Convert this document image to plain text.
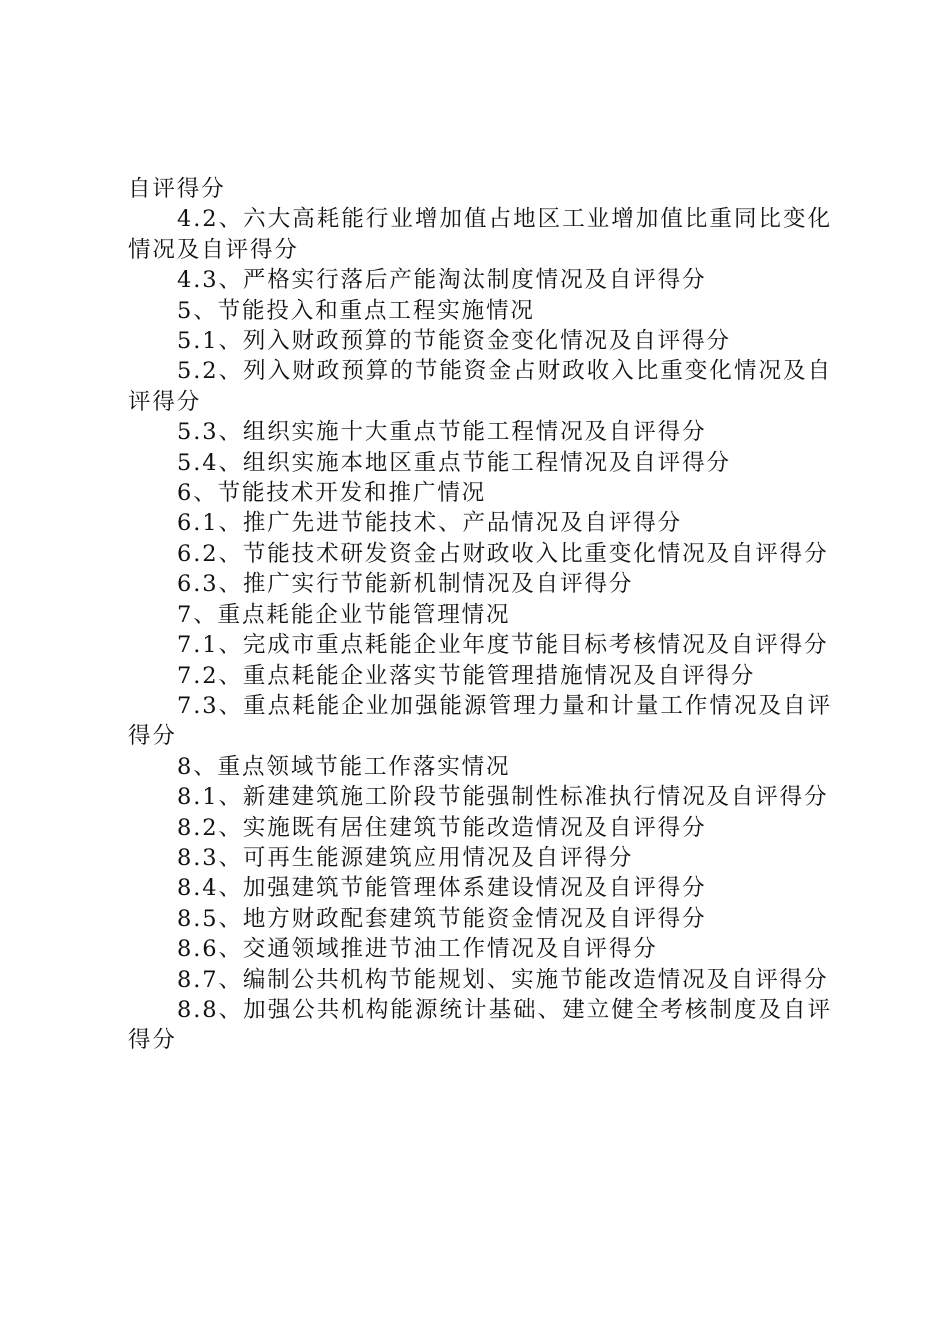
自评得分

4.2、六大高耗能行业增加值占地区工业增加值比重同比变化情况及自评得分

4.3、严格实行落后产能淘汰制度情况及自评得分

5、节能投入和重点工程实施情况

5.1、列入财政预算的节能资金变化情况及自评得分

5.2、列入财政预算的节能资金占财政收入比重变化情况及自评得分

5.3、组织实施十大重点节能工程情况及自评得分

5.4、组织实施本地区重点节能工程情况及自评得分

6、节能技术开发和推广情况

6.1、推广先进节能技术、产品情况及自评得分

6.2、节能技术研发资金占财政收入比重变化情况及自评得分

6.3、推广实行节能新机制情况及自评得分

7、重点耗能企业节能管理情况

7.1、完成市重点耗能企业年度节能目标考核情况及自评得分

7.2、重点耗能企业落实节能管理措施情况及自评得分

7.3、重点耗能企业加强能源管理力量和计量工作情况及自评得分

8、重点领域节能工作落实情况

8.1、新建建筑施工阶段节能强制性标准执行情况及自评得分

8.2、实施既有居住建筑节能改造情况及自评得分

8.3、可再生能源建筑应用情况及自评得分

8.4、加强建筑节能管理体系建设情况及自评得分

8.5、地方财政配套建筑节能资金情况及自评得分

8.6、交通领域推进节油工作情况及自评得分

8.7、编制公共机构节能规划、实施节能改造情况及自评得分

8.8、加强公共机构能源统计基础、建立健全考核制度及自评得分
